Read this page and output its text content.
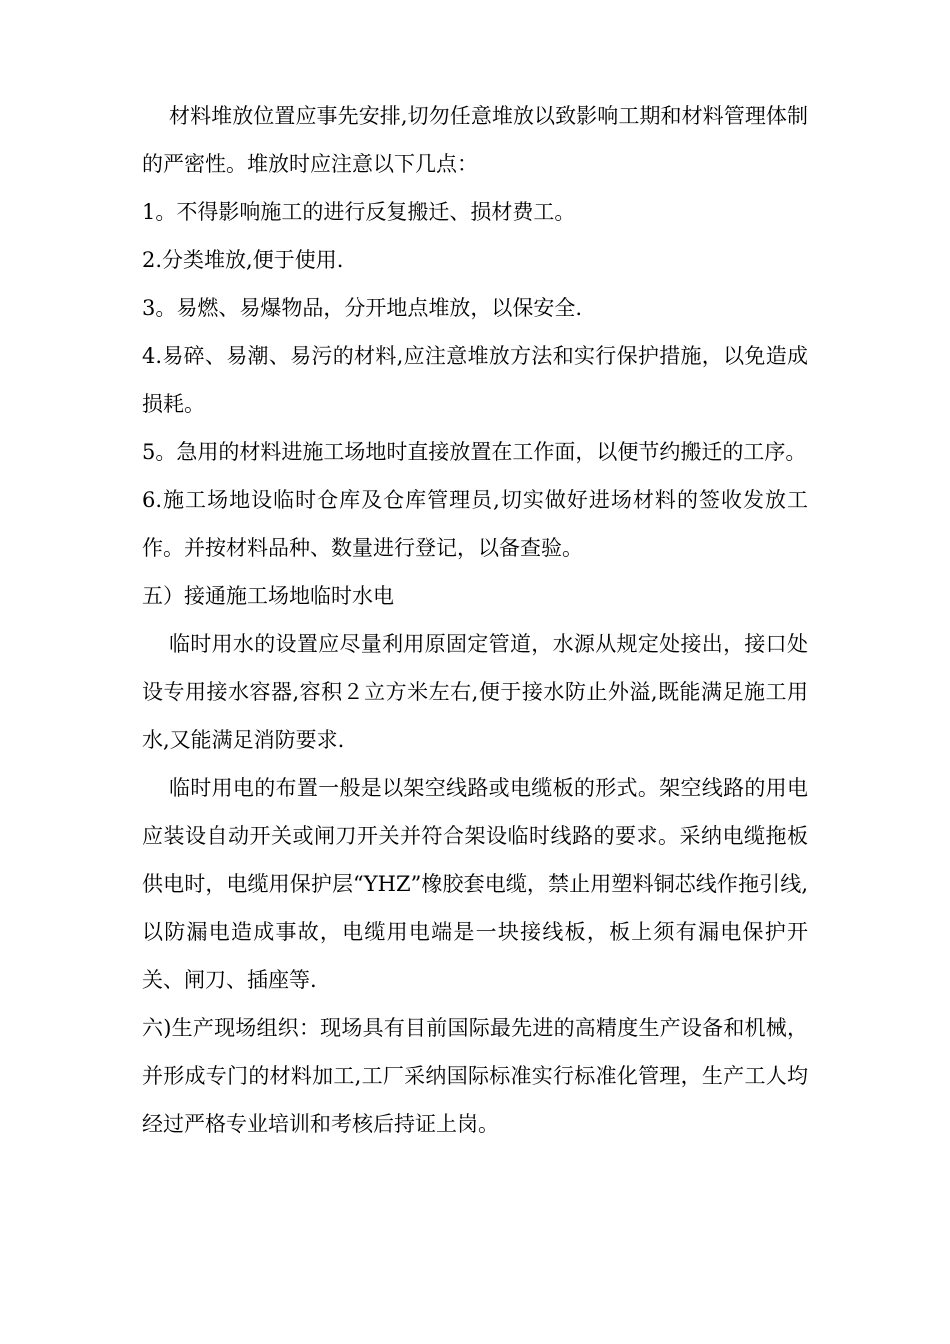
材料堆放位置应事先安排,切勿任意堆放以致影响工期和材料管理体制的严密性。堆放时应注意以下几点：

1。不得影响施工的进行反复搬迁、损材费工。

2.分类堆放,便于使用.

3。易燃、易爆物品，分开地点堆放，以保安全.

4.易碎、易潮、易污的材料,应注意堆放方法和实行保护措施，以免造成损耗。

5。急用的材料进施工场地时直接放置在工作面，以便节约搬迁的工序。

6.施工场地设临时仓库及仓库管理员,切实做好进场材料的签收发放工作。并按材料品种、数量进行登记，以备查验。

五）接通施工场地临时水电

临时用水的设置应尽量利用原固定管道，水源从规定处接出，接口处设专用接水容器,容积２立方米左右,便于接水防止外溢,既能满足施工用水,又能满足消防要求.

临时用电的布置一般是以架空线路或电缆板的形式。架空线路的用电应装设自动开关或闸刀开关并符合架设临时线路的要求。采纳电缆拖板供电时，电缆用保护层“YHZ”橡胶套电缆，禁止用塑料铜芯线作拖引线,以防漏电造成事故，电缆用电端是一块接线板，板上须有漏电保护开关、闸刀、插座等.

六)生产现场组织：现场具有目前国际最先进的高精度生产设备和机械，并形成专门的材料加工,工厂采纳国际标准实行标准化管理，生产工人均经过严格专业培训和考核后持证上岗。
